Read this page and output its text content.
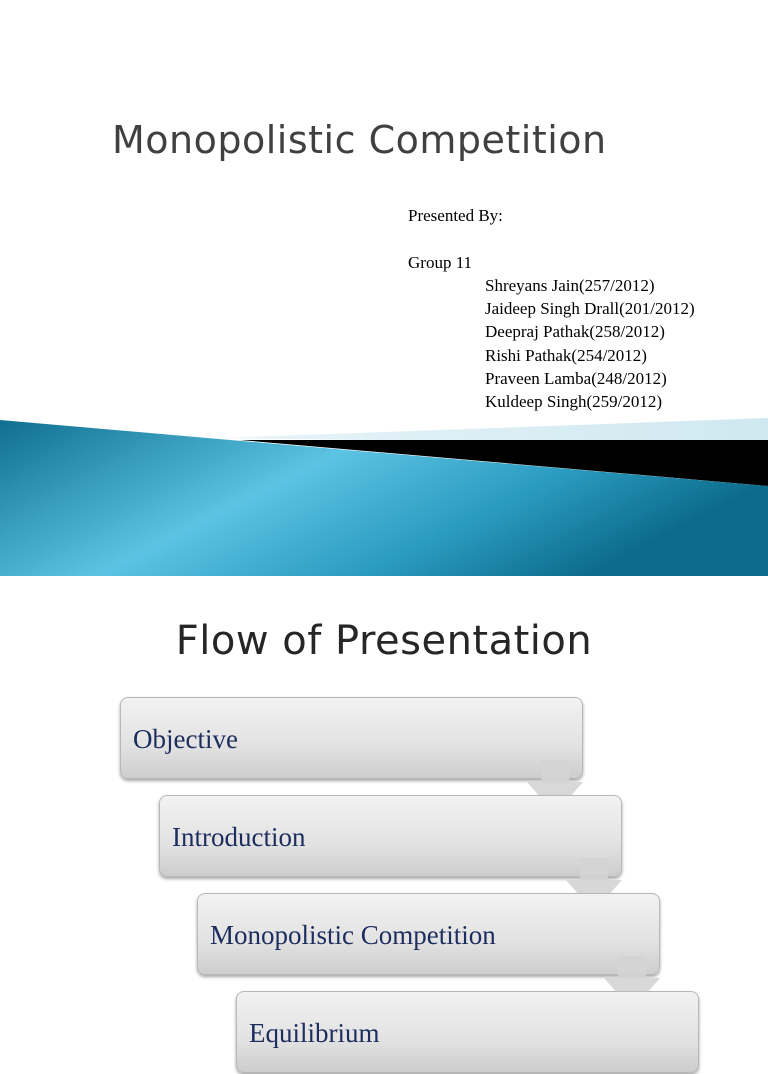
Monopolistic Competition
Presented By:
Group 11
Shreyans Jain(257/2012)
Jaideep Singh Drall(201/2012)
Deepraj Pathak(258/2012)
Rishi Pathak(254/2012)
Praveen Lamba(248/2012)
Kuldeep Singh(259/2012)
Flow of Presentation
Objective
Introduction
Monopolistic Competition
Equilibrium
